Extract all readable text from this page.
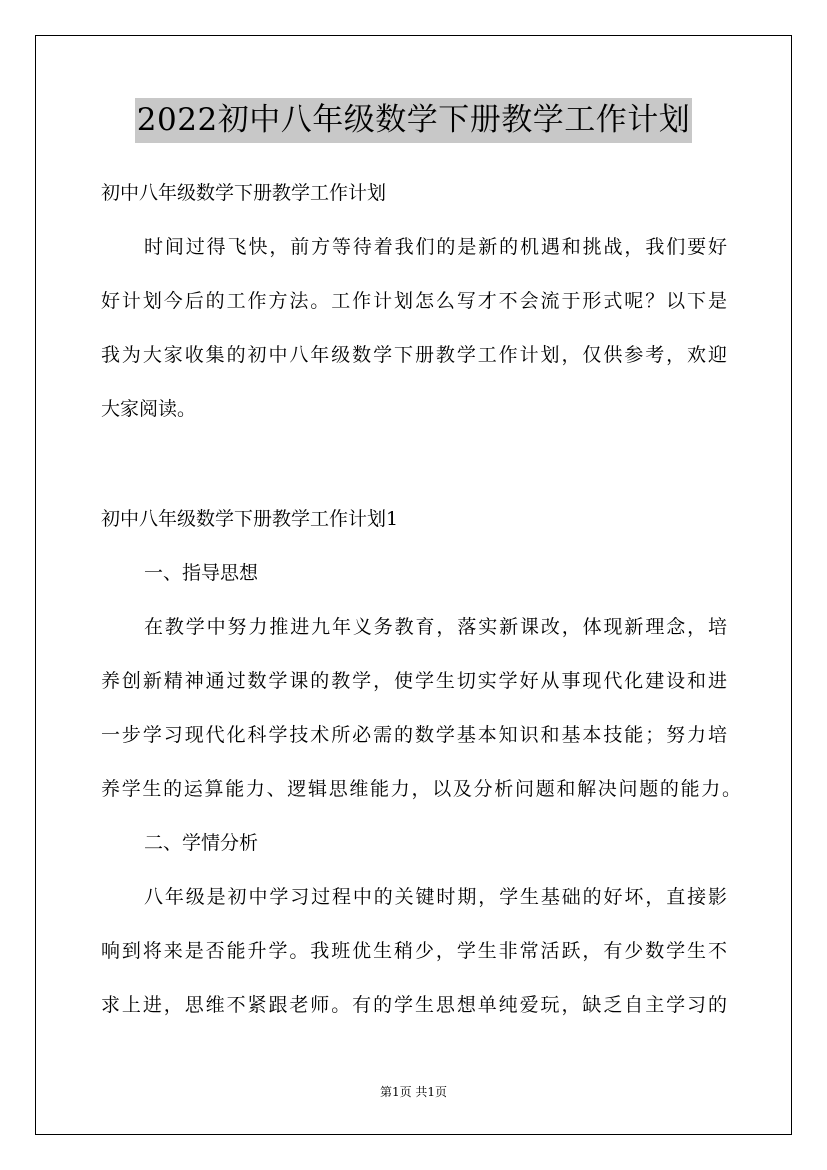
2022初中八年级数学下册教学工作计划
初中八年级数学下册教学工作计划
时间过得飞快，前方等待着我们的是新的机遇和挑战，我们要好
好计划今后的工作方法。工作计划怎么写才不会流于形式呢？以下是
我为大家收集的初中八年级数学下册教学工作计划，仅供参考，欢迎
大家阅读。
初中八年级数学下册教学工作计划1
一、指导思想
在教学中努力推进九年义务教育，落实新课改，体现新理念，培
养创新精神通过数学课的教学，使学生切实学好从事现代化建设和进
一步学习现代化科学技术所必需的数学基本知识和基本技能；努力培
养学生的运算能力、逻辑思维能力，以及分析问题和解决问题的能力。
二、学情分析
八年级是初中学习过程中的关键时期，学生基础的好坏，直接影
响到将来是否能升学。我班优生稍少，学生非常活跃，有少数学生不
求上进，思维不紧跟老师。有的学生思想单纯爱玩，缺乏自主学习的
第1页 共1页
